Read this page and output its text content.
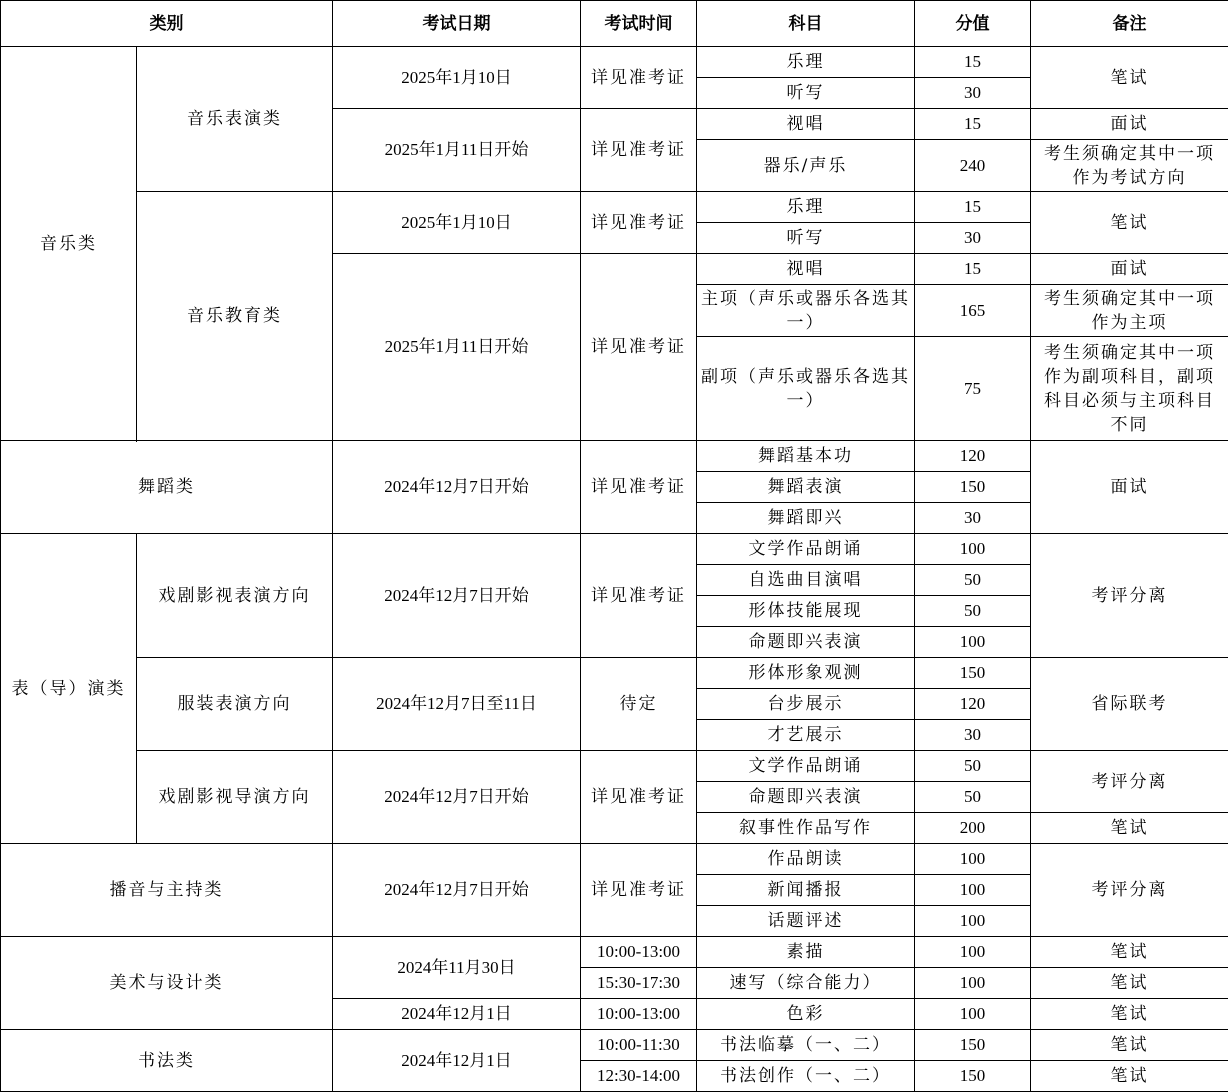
类别		考试日期	考试时间	科目	分值	备注
音乐类	音乐表演类	2025年1月10日	详见准考证	乐理	15	笔试
				听写	30	
		2025年1月11日开始	详见准考证	视唱	15	面试
				器乐/声乐	240	考生须确定其中一项作为考试方向

	音乐教育类	2025年1月10日	详见准考证	乐理	15	笔试
				听写	30	
		2025年1月11日开始	详见准考证	视唱	15	面试
				主项（声乐或器乐各选其一）	165	考生须确定其中一项作为主项

				副项（声乐或器乐各选其一）	75	考生须确定其中一项作为副项科目，副项科目必须与主项科目不同

舞蹈类		2024年12月7日开始	详见准考证	舞蹈基本功	120	面试
				舞蹈表演	150	
				舞蹈即兴	30	
表（导）演类	戏剧影视表演方向	2024年12月7日开始	详见准考证	文学作品朗诵	100	考评分离
				自选曲目演唱	50	
				形体技能展现	50	
				命题即兴表演	100	
	服装表演方向	2024年12月7日至11日	待定	形体形象观测	150	省际联考
				台步展示	120	
				才艺展示	30	
	戏剧影视导演方向	2024年12月7日开始	详见准考证	文学作品朗诵	50	考评分离
				命题即兴表演	50	
				叙事性作品写作	200	笔试
播音与主持类		2024年12月7日开始	详见准考证	作品朗读	100	考评分离
				新闻播报	100	
				话题评述	100	
美术与设计类		2024年11月30日	10:00-13:00	素描	100	笔试
			15:30-17:30	速写（综合能力）	100	笔试
		2024年12月1日	10:00-13:00	色彩	100	笔试
书法类		2024年12月1日	10:00-11:30	书法临摹（一、二）	150	笔试
			12:30-14:00	书法创作（一、二）	150	笔试
